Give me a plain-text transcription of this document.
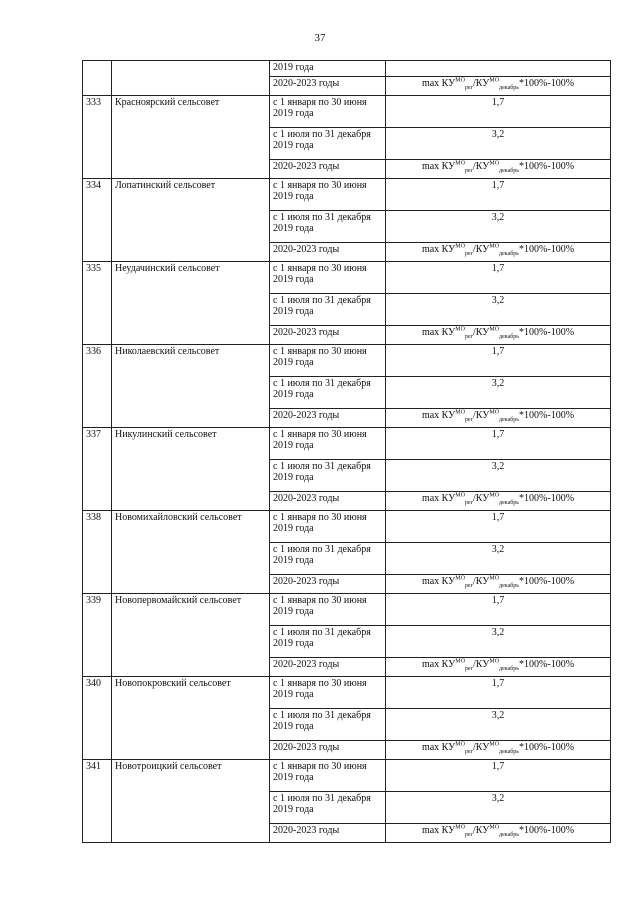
37
		2019 года	
		2020-2023 годы	$\max КУ^{МО}_{рег}/КУ^{МО}_{декабрь}*100\%-100\%$
333	Красноярский сельсовет	с 1 января по 30 июня 2019 года	1,7
		с 1 июля по 31 декабря 2019 года	3,2
		2020-2023 годы	$\max КУ^{МО}_{рег}/КУ^{МО}_{декабрь}*100\%-100\%$
334	Лопатинский сельсовет	с 1 января по 30 июня 2019 года	1,7
		с 1 июля по 31 декабря 2019 года	3,2
		2020-2023 годы	$\max КУ^{МО}_{рег}/КУ^{МО}_{декабрь}*100\%-100\%$
335	Неудачинский сельсовет	с 1 января по 30 июня 2019 года	1,7
		с 1 июля по 31 декабря 2019 года	3,2
		2020-2023 годы	$\max КУ^{МО}_{рег}/КУ^{МО}_{декабрь}*100\%-100\%$
336	Николаевский сельсовет	с 1 января по 30 июня 2019 года	1,7
		с 1 июля по 31 декабря 2019 года	3,2
		2020-2023 годы	$\max КУ^{МО}_{рег}/КУ^{МО}_{декабрь}*100\%-100\%$
337	Никулинский сельсовет	с 1 января по 30 июня 2019 года	1,7
		с 1 июля по 31 декабря 2019 года	3,2
		2020-2023 годы	$\max КУ^{МО}_{рег}/КУ^{МО}_{декабрь}*100\%-100\%$
338	Новомихайловский сельсовет	с 1 января по 30 июня 2019 года	1,7
		с 1 июля по 31 декабря 2019 года	3,2
		2020-2023 годы	$\max КУ^{МО}_{рег}/КУ^{МО}_{декабрь}*100\%-100\%$
339	Новопервомайский сельсовет	с 1 января по 30 июня 2019 года	1,7
		с 1 июля по 31 декабря 2019 года	3,2
		2020-2023 годы	$\max КУ^{МО}_{рег}/КУ^{МО}_{декабрь}*100\%-100\%$
340	Новопокровский сельсовет	с 1 января по 30 июня 2019 года	1,7
		с 1 июля по 31 декабря 2019 года	3,2
		2020-2023 годы	$\max КУ^{МО}_{рег}/КУ^{МО}_{декабрь}*100\%-100\%$
341	Новотроицкий сельсовет	с 1 января по 30 июня 2019 года	1,7
		с 1 июля по 31 декабря 2019 года	3,2
		2020-2023 годы	$\max КУ^{МО}_{рег}/КУ^{МО}_{декабрь}*100\%-100\%$
